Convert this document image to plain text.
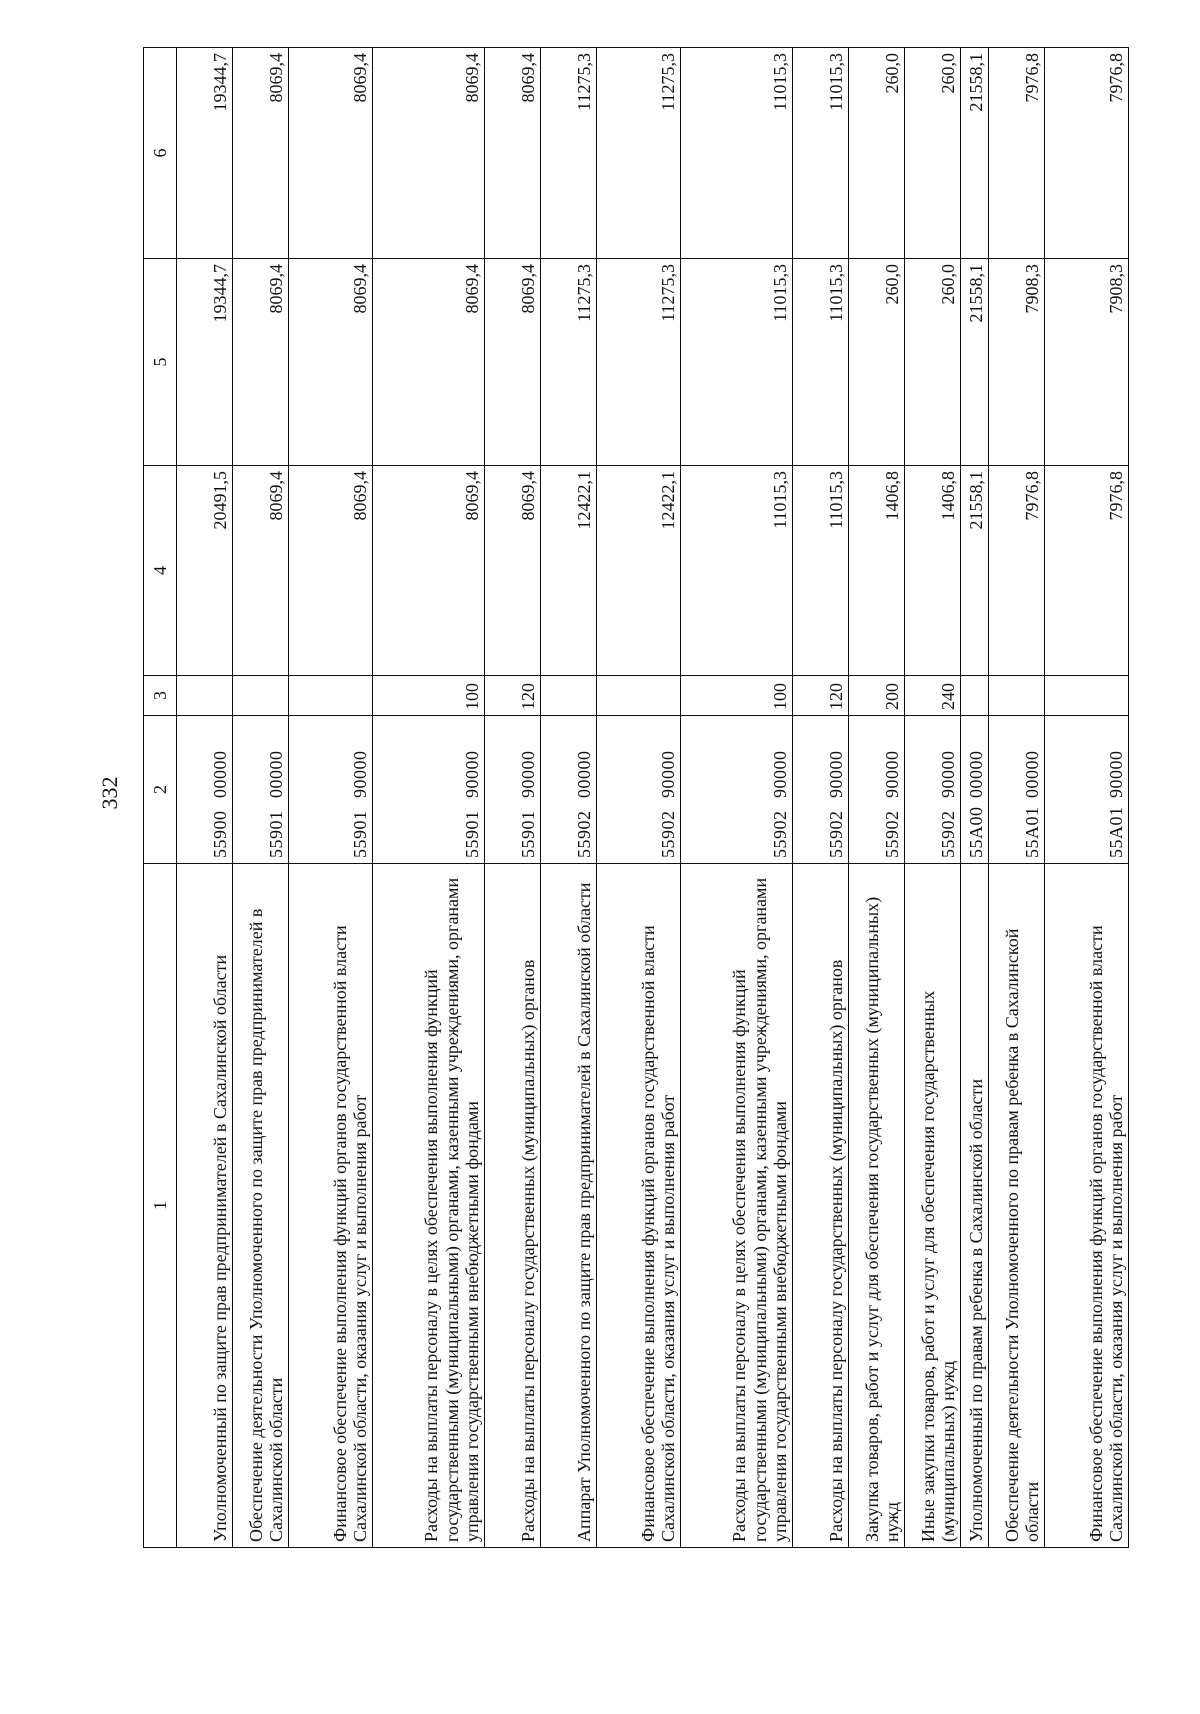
332
1	2	3	4	5	6
Уполномоченный по защите прав предпринимателей в Сахалинской области	5590000000		20491,5	19344,7	19344,7
Обеспечение деятельности Уполномоченного по защите прав предпринимателей в Сахалинской области	5590100000		8069,4	8069,4	8069,4
Финансовое обеспечение выполнения функций органов государственной власти Сахалинской области, оказания услуг и выполнения работ	5590190000		8069,4	8069,4	8069,4
Расходы на выплаты персоналу в целях обеспечения выполнения функций государственными (муниципальными) органами, казенными учреждениями, органами управления государственными внебюджетными фондами	5590190000	100	8069,4	8069,4	8069,4
Расходы на выплаты персоналу государственных (муниципальных) органов	5590190000	120	8069,4	8069,4	8069,4
Аппарат Уполномоченного по защите прав предпринимателей в Сахалинской области	5590200000		12422,1	11275,3	11275,3
Финансовое обеспечение выполнения функций органов государственной власти Сахалинской области, оказания услуг и выполнения работ	5590290000		12422,1	11275,3	11275,3
Расходы на выплаты персоналу в целях обеспечения выполнения функций государственными (муниципальными) органами, казенными учреждениями, органами управления государственными внебюджетными фондами	5590290000	100	11015,3	11015,3	11015,3
Расходы на выплаты персоналу государственных (муниципальных) органов	5590290000	120	11015,3	11015,3	11015,3
Закупка товаров, работ и услуг для обеспечения государственных (муниципальных) нужд	5590290000	200	1406,8	260,0	260,0
Иные закупки товаров, работ и услуг для обеспечения государственных (муниципальных) нужд	5590290000	240	1406,8	260,0	260,0
Уполномоченный по правам ребенка в Сахалинской области	55А0000000		21558,1	21558,1	21558,1
Обеспечение деятельности Уполномоченного по правам ребенка в Сахалинской области	55А0100000		7976,8	7908,3	7976,8
Финансовое обеспечение выполнения функций органов государственной власти Сахалинской области, оказания услуг и выполнения работ	55А0190000		7976,8	7908,3	7976,8
